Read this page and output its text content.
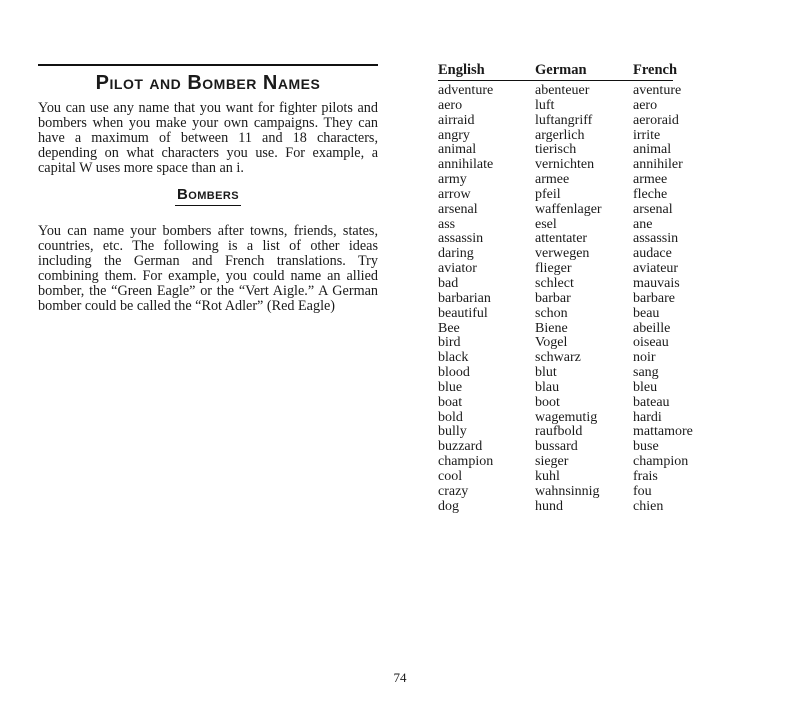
Pilot and Bomber Names

You can use any name that you want for fighter pilots and bombers when you make your own campaigns. They can have a maximum of between 11 and 18 characters, depending on what characters you use. For example, a capital W uses more space than an i.

Bombers

You can name your bombers after towns, friends, states, countries, etc. The following is a list of other ideas including the German and French translations. Try combining them. For example, you could name an allied bomber, the “Green Eagle” or the “Vert Aigle.” A German bomber could be called the “Rot Adler” (Red Eagle)

English	German	French
adventure	abenteuer	aventure
aero	luft	aero
airraid	luftangriff	aeroraid
angry	argerlich	irrite
animal	tierisch	animal
annihilate	vernichten	annihiler
army	armee	armee
arrow	pfeil	fleche
arsenal	waffenlager	arsenal
ass	esel	ane
assassin	attentater	assassin
daring	verwegen	audace
aviator	flieger	aviateur
bad	schlect	mauvais
barbarian	barbar	barbare
beautiful	schon	beau
Bee	Biene	abeille
bird	Vogel	oiseau
black	schwarz	noir
blood	blut	sang
blue	blau	bleu
boat	boot	bateau
bold	wagemutig	hardi
bully	raufbold	mattamore
buzzard	bussard	buse
champion	sieger	champion
cool	kuhl	frais
crazy	wahnsinnig	fou
dog	hund	chien
74
